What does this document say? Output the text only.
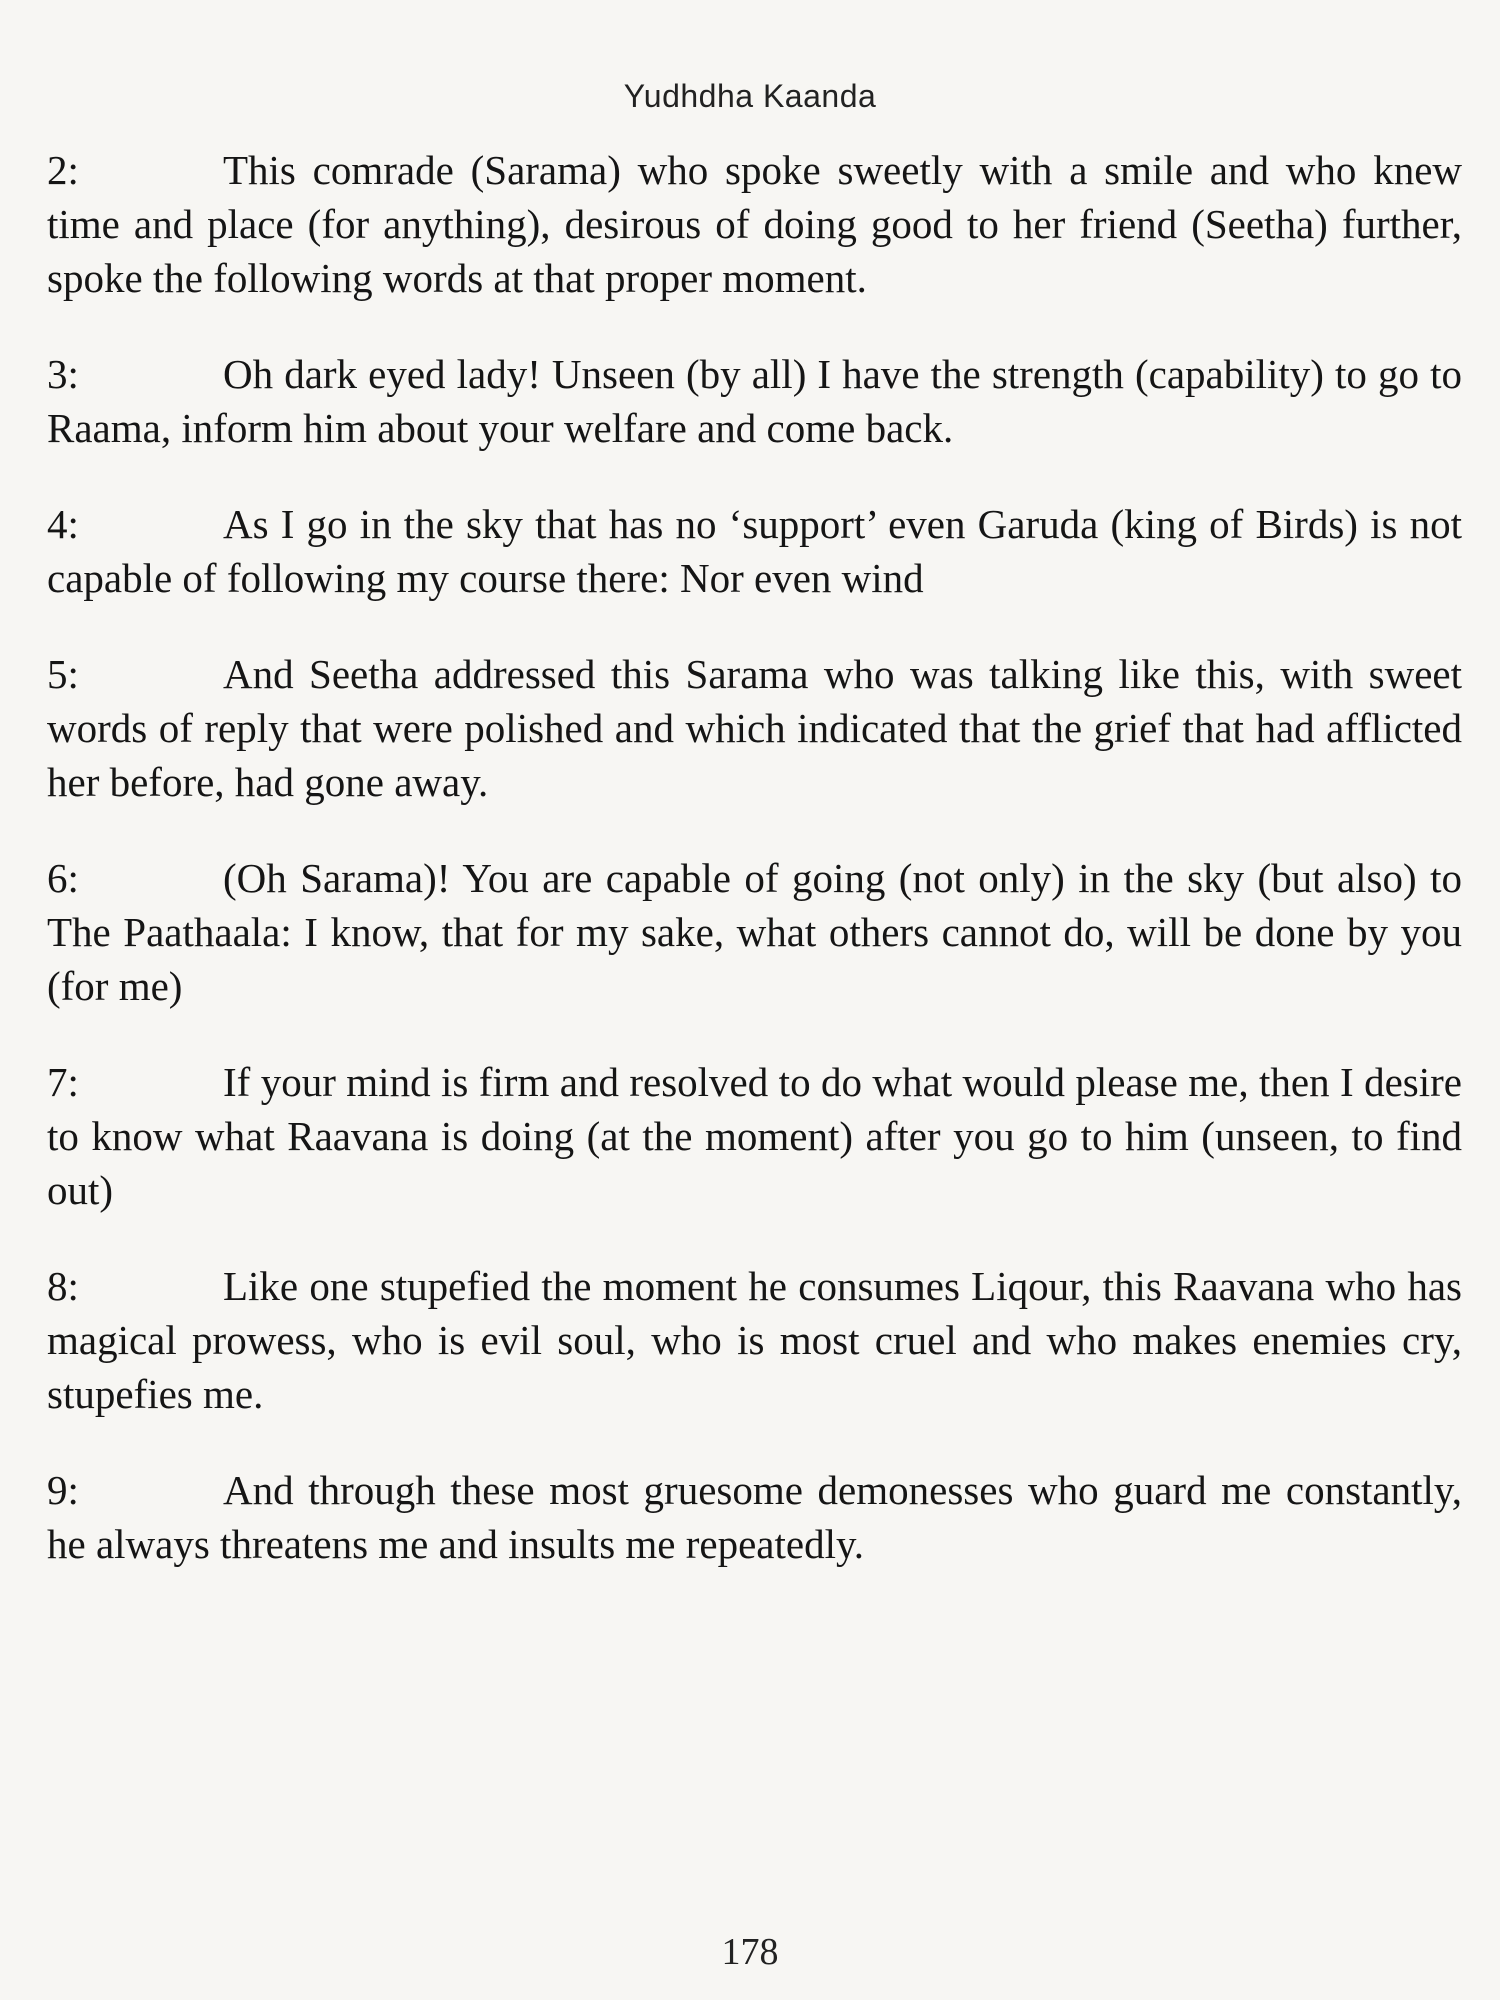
Yudhdha Kaanda

2:	This comrade (Sarama) who spoke sweetly with a smile and who knew time and place (for anything), desirous of doing good to her friend (Seetha) further, spoke the following words at that proper moment.

3:	Oh dark eyed lady! Unseen (by all) I have the strength (capability) to go to Raama, inform him about your welfare and come back.

4:	As I go in the sky that has no ‘support’ even Garuda (king of Birds) is not capable of following my course there: Nor even wind

5:	And Seetha addressed this Sarama who was talking like this, with sweet words of reply that were polished and which indicated that the grief that had afflicted her before, had gone away.

6:	(Oh Sarama)! You are capable of going (not only) in the sky (but also) to The Paathaala: I know, that for my sake, what others cannot do, will be done by you (for me)

7:	If your mind is firm and resolved to do what would please me, then I desire to know what Raavana is doing (at the moment) after you go to him (unseen, to find out)

8:	Like one stupefied the moment he consumes Liqour, this Raavana who has magical prowess, who is evil soul, who is most cruel and who makes enemies cry, stupefies me.

9:	And through these most gruesome demonesses who guard me constantly, he always threatens me and insults me repeatedly.

178
